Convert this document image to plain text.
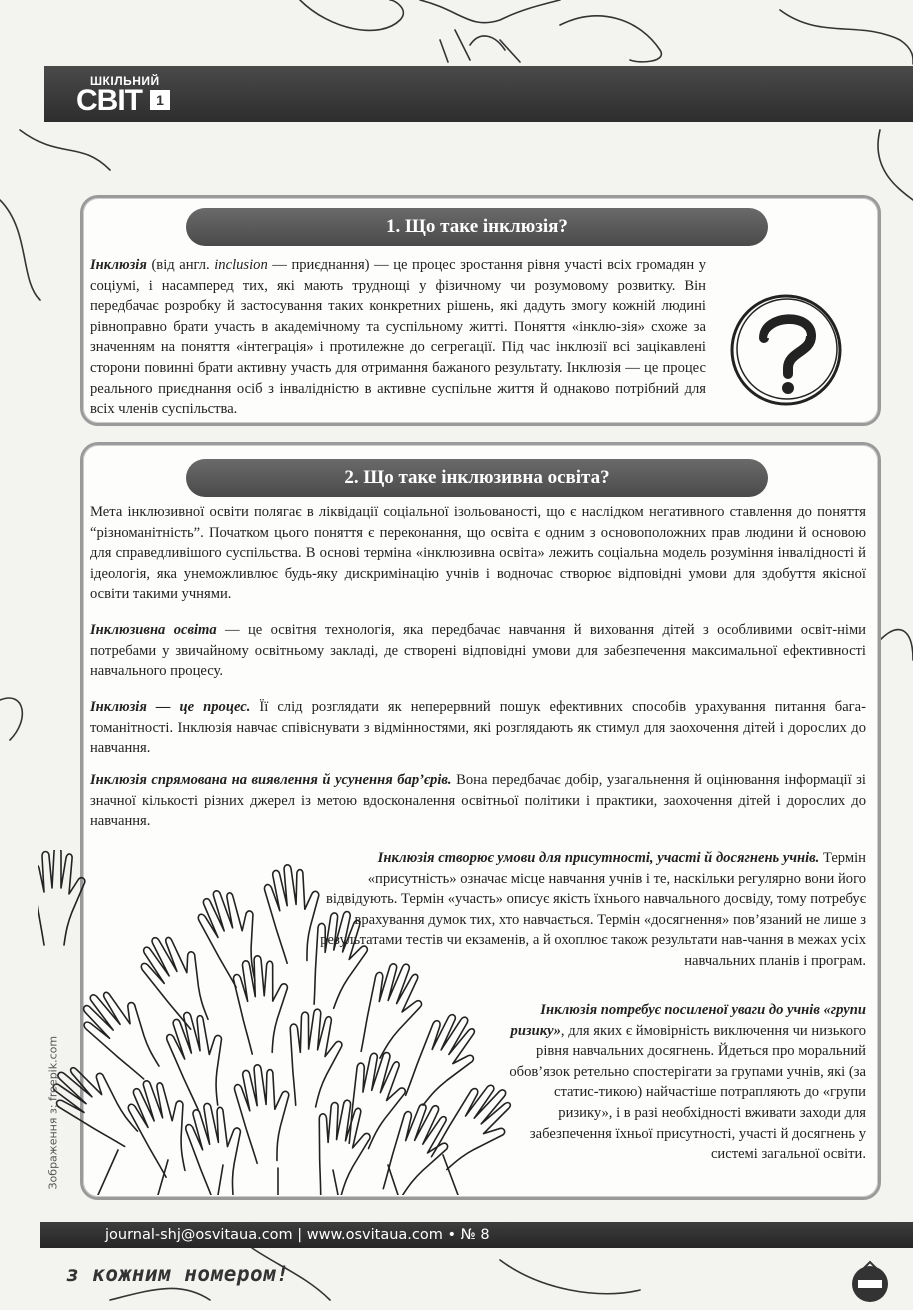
ШКІЛЬНИЙ
СВІТ	1
1. Що таке інклюзія?
Інклюзія (від англ. inclusion — приєднання) — це процес зростання рівня участі всіх громадян у соціумі, і насамперед тих, які мають труднощі у фізичному чи розумовому розвитку. Він передбачає розробку й застосування таких конкретних рішень, які дадуть змогу кожній людині рівноправно брати участь в академічному та суспільному житті. Поняття «інклю-зія» схоже за значенням на поняття «інтеграція» і протилежне до сегрегації. Під час інклюзії всі зацікавлені сторони повинні брати активну участь для отримання бажаного результату. Інклюзія — це процес реального приєднання осіб з інвалідністю в активне суспільне життя й однаково потрібний для всіх членів суспільства.
2. Що таке інклюзивна освіта?
Мета інклюзивної освіти полягає в ліквідації соціальної ізольованості, що є наслідком негативного ставлення до поняття “різноманітність”. Початком цього поняття є переконання, що освіта є одним з основоположних прав людини й основою для справедливішого суспільства. В основі терміна «інклюзивна освіта» лежить соціальна модель розуміння інвалідності й ідеологія, яка унеможливлює будь-яку дискримінацію учнів і водночас створює відповідні умови для здобуття якісної освіти такими учнями.
Інклюзивна освіта — це освітня технологія, яка передбачає навчання й виховання дітей з особливими освіт-німи потребами у звичайному освітньому закладі, де створені відповідні умови для забезпечення максимальної ефективності навчального процесу.
Інклюзія — це процес. Її слід розглядати як неперервний пошук ефективних способів урахування питання бага-томанітності. Інклюзія навчає співіснувати з відмінностями, які розглядають як стимул для заохочення дітей і дорослих до навчання.
Інклюзія спрямована на виявлення й усунення бар’єрів. Вона передбачає добір, узагальнення й оцінювання інформації зі значної кількості різних джерел із метою вдосконалення освітньої політики і практики, заохочення дітей і дорослих до навчання.
Інклюзія створює умови для присутності, участі й досягнень учнів. Термін «присутність» означає місце навчання учнів і те, наскільки регулярно вони його відвідують. Термін «участь» описує якість їхнього навчального досвіду, тому потребує врахування думок тих, хто навчається. Термін «досягнення» пов’язаний не лише з результатами тестів чи екзаменів, а й охоплює також результати нав-чання в межах усіх навчальних планів і програм.
Інклюзія потребує посиленої уваги до учнів «групи ризику», для яких є ймовірність виключення чи низького рівня навчальних досягнень. Йдеться про моральний обов’язок ретельно спостерігати за групами учнів, які (за статис-тикою) найчастіше потрапляють до «групи ризику», і в разі необхідності вживати заходи для забезпечення їхньої присутності, участі й досягнень у системі загальної освіти.
Зображення з: freepik.com
journal-shj@osvitaua.com | www.osvitaua.com • № 8
з кожним номером!
